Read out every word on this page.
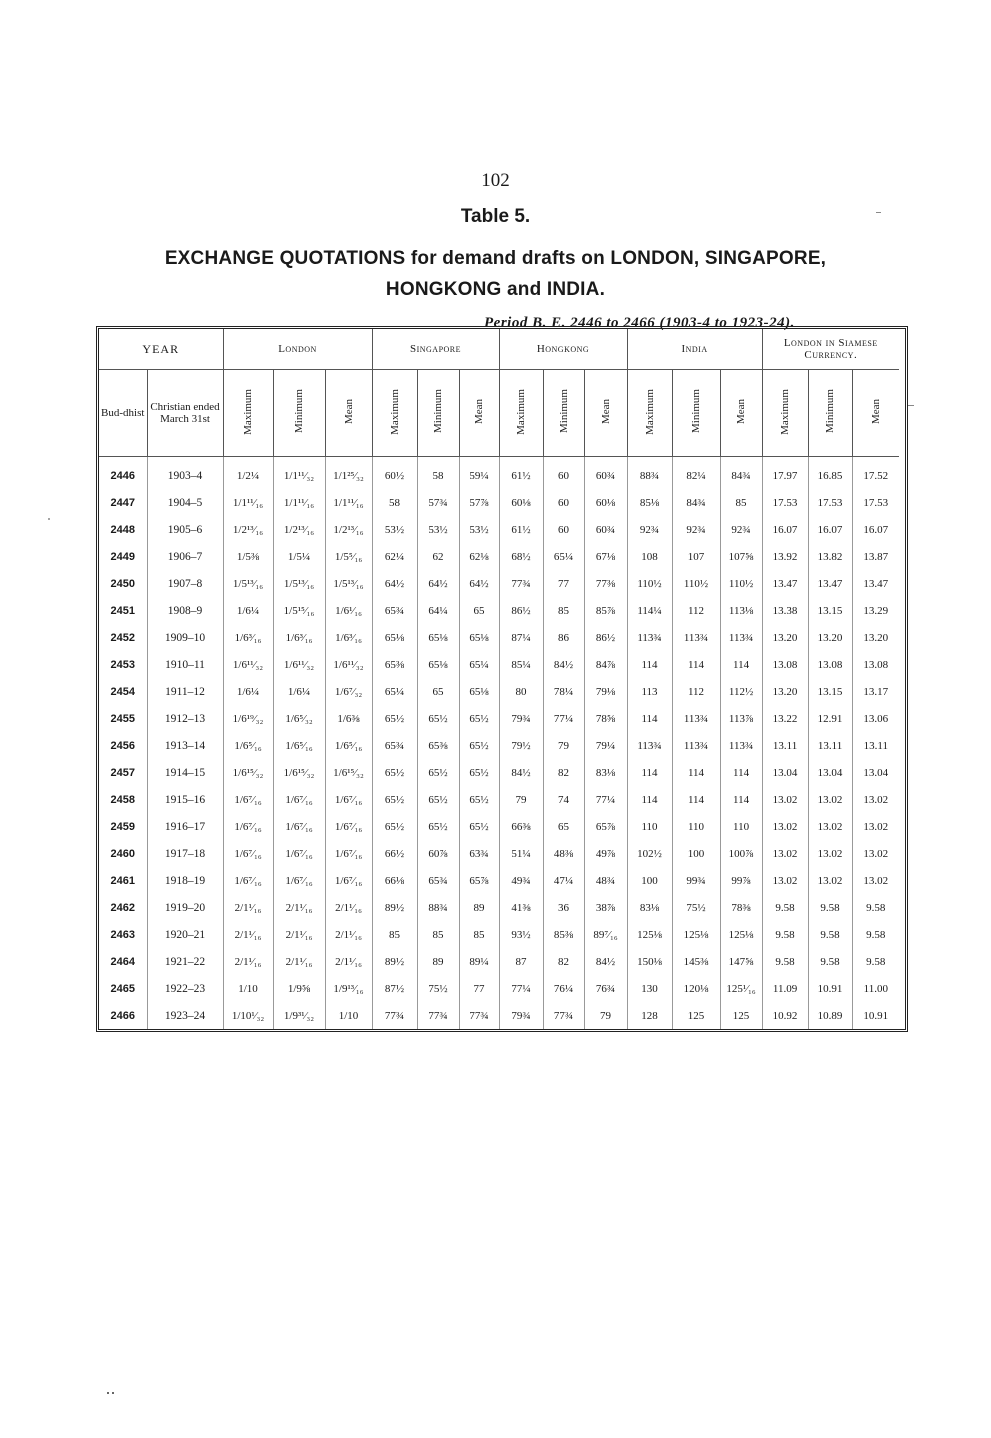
102
Table 5.
EXCHANGE QUOTATIONS for demand drafts on LONDON, SINGAPORE,
HONGKONG and INDIA.
Period B. E. 2446 to 2466 (1903-4 to 1923-24).
YEAR		London			Singapore			Hongkong			India			London in Siamese Currency.		
Bud-dhist	Christian ended March 31st	Maximum	Minimum	Mean	Maximum	Minimum	Mean	Maximum	Minimum	Mean	Maximum	Minimum	Mean	Maximum	Minimum	Mean
2446	1903–4	1/2¼	1/1¹¹⁄₃₂	1/1²⁵⁄₃₂	60½	58	59¼	61½	60	60¾	88¾	82¼	84¾	17.97	16.85	17.52
2447	1904–5	1/1¹¹⁄₁₆	1/1¹¹⁄₁₆	1/1¹¹⁄₁₆	58	57¾	57⅞	60⅛	60	60⅛	85⅛	84¾	85	17.53	17.53	17.53
2448	1905–6	1/2¹³⁄₁₆	1/2¹³⁄₁₆	1/2¹³⁄₁₆	53½	53½	53½	61½	60	60¾	92¾	92¾	92¾	16.07	16.07	16.07
2449	1906–7	1/5⅜	1/5¼	1/5⁵⁄₁₆	62¼	62	62⅛	68½	65¼	67⅛	108	107	107⅝	13.92	13.82	13.87
2450	1907–8	1/5¹³⁄₁₆	1/5¹³⁄₁₆	1/5¹³⁄₁₆	64½	64½	64½	77¾	77	77⅜	110½	110½	110½	13.47	13.47	13.47
2451	1908–9	1/6¼	1/5¹⁵⁄₁₆	1/6¹⁄₁₆	65¾	64¼	65	86½	85	85⅞	114¼	112	113⅛	13.38	13.15	13.29
2452	1909–10	1/6³⁄₁₆	1/6³⁄₁₆	1/6³⁄₁₆	65⅛	65⅛	65⅛	87¼	86	86½	113¾	113¾	113¾	13.20	13.20	13.20
2453	1910–11	1/6¹¹⁄₃₂	1/6¹¹⁄₃₂	1/6¹¹⁄₃₂	65⅜	65⅛	65¼	85¼	84½	84⅞	114	114	114	13.08	13.08	13.08
2454	1911–12	1/6¼	1/6¼	1/6⁷⁄₃₂	65¼	65	65⅛	80	78¼	79⅛	113	112	112½	13.20	13.15	13.17
2455	1912–13	1/6¹⁹⁄₃₂	1/6⁵⁄₃₂	1/6⅜	65½	65½	65½	79¾	77¼	78⅝	114	113¾	113⅞	13.22	12.91	13.06
2456	1913–14	1/6⁵⁄₁₆	1/6⁵⁄₁₆	1/6⁵⁄₁₆	65¾	65⅜	65½	79½	79	79¼	113¾	113¾	113¾	13.11	13.11	13.11
2457	1914–15	1/6¹⁵⁄₃₂	1/6¹⁵⁄₃₂	1/6¹⁵⁄₃₂	65½	65½	65½	84½	82	83⅛	114	114	114	13.04	13.04	13.04
2458	1915–16	1/6⁷⁄₁₆	1/6⁷⁄₁₆	1/6⁷⁄₁₆	65½	65½	65½	79	74	77¼	114	114	114	13.02	13.02	13.02
2459	1916–17	1/6⁷⁄₁₆	1/6⁷⁄₁₆	1/6⁷⁄₁₆	65½	65½	65½	66⅜	65	65⅞	110	110	110	13.02	13.02	13.02
2460	1917–18	1/6⁷⁄₁₆	1/6⁷⁄₁₆	1/6⁷⁄₁₆	66½	60⅞	63¾	51¼	48⅜	49⅞	102½	100	100⅞	13.02	13.02	13.02
2461	1918–19	1/6⁷⁄₁₆	1/6⁷⁄₁₆	1/6⁷⁄₁₆	66⅛	65¾	65⅞	49¾	47¼	48¾	100	99¾	99⅞	13.02	13.02	13.02
2462	1919–20	2/1¹⁄₁₆	2/1¹⁄₁₆	2/1¹⁄₁₆	89½	88¾	89	41⅜	36	38⅞	83⅛	75½	78⅜	9.58	9.58	9.58
2463	1920–21	2/1¹⁄₁₆	2/1¹⁄₁₆	2/1¹⁄₁₆	85	85	85	93½	85⅜	89⁷⁄₁₆	125⅛	125⅛	125⅛	9.58	9.58	9.58
2464	1921–22	2/1¹⁄₁₆	2/1¹⁄₁₆	2/1¹⁄₁₆	89½	89	89¼	87	82	84½	150⅛	145⅜	147⅝	9.58	9.58	9.58
2465	1922–23	1/10	1/9⅝	1/9¹³⁄₁₆	87½	75½	77	77¼	76¼	76¾	130	120⅛	125¹⁄₁₆	11.09	10.91	11.00
2466	1923–24	1/10¹⁄₃₂	1/9³¹⁄₃₂	1/10	77¾	77¾	77¾	79¾	77¾	79	128	125	125	10.92	10.89	10.91
